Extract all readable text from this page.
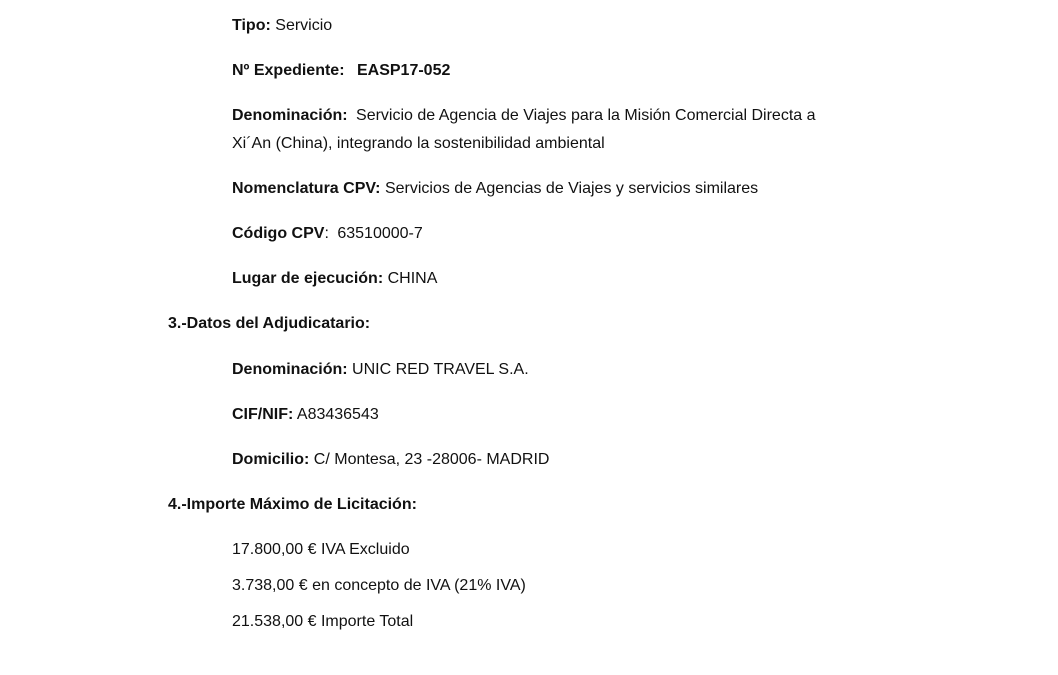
Tipo: Servicio
Nº Expediente: EASP17-052
Denominación: Servicio de Agencia de Viajes para la Misión Comercial Directa a
Xi´An (China), integrando la sostenibilidad ambiental
Nomenclatura CPV: Servicios de Agencias de Viajes y servicios similares
Código CPV: 63510000-7
Lugar de ejecución: CHINA
3.-Datos del Adjudicatario:
Denominación: UNIC RED TRAVEL S.A.
CIF/NIF: A83436543
Domicilio: C/ Montesa, 23 -28006- MADRID
4.-Importe Máximo de Licitación:
17.800,00 € IVA Excluido
3.738,00 € en concepto de IVA (21% IVA)
21.538,00 € Importe Total
